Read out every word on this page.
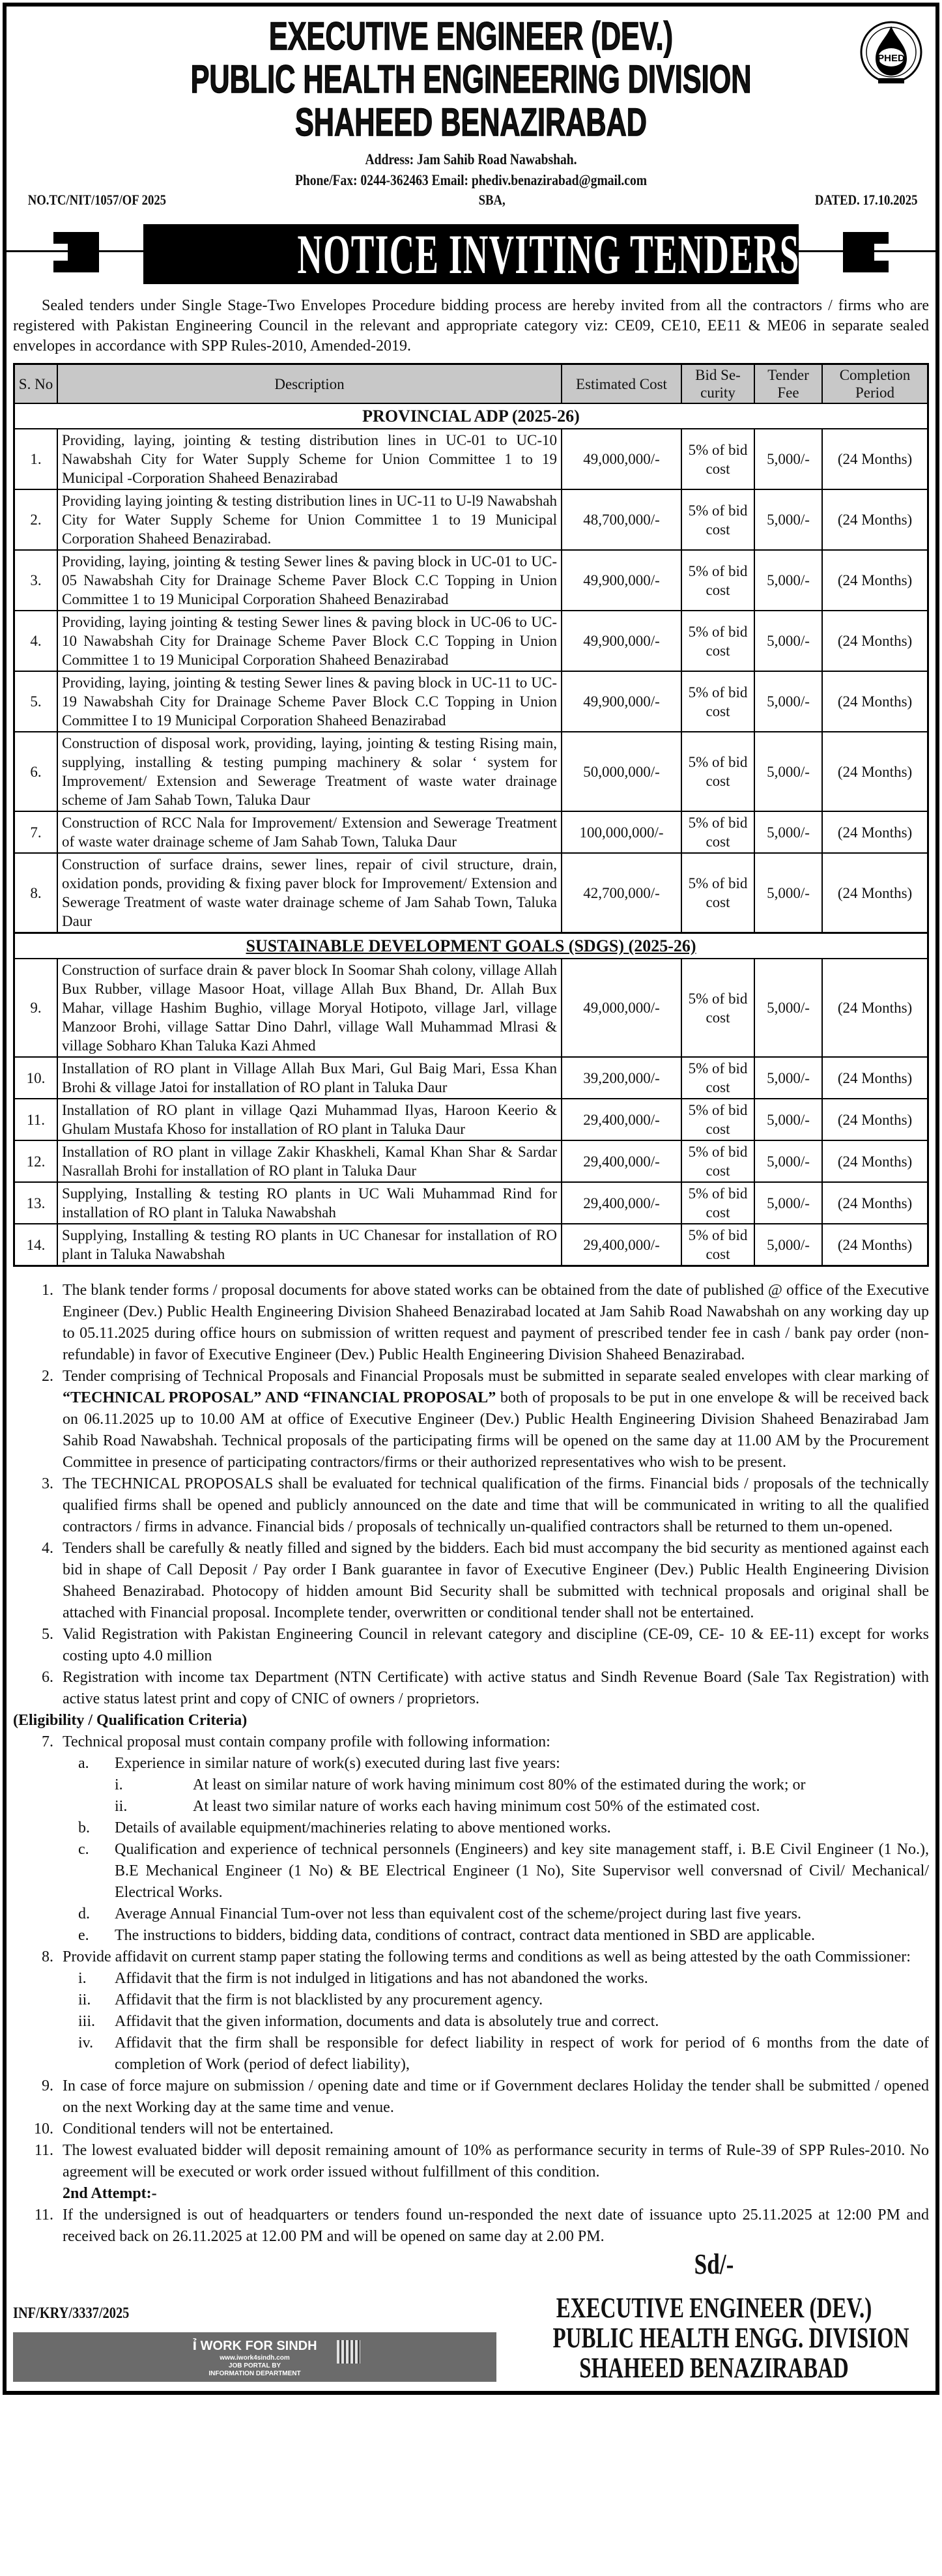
EXECUTIVE ENGINEER (DEV.)
PUBLIC HEALTH ENGINEERING DIVISION
SHAHEED BENAZIRABAD
PHED
Address: Jam Sahib Road Nawabshah.
Phone/Fax: 0244-362463 Email: phediv.benazirabad@gmail.com
NO.TC/NIT/1057/OF 2025	SBA,	DATED. 17.10.2025
NOTICE INVITING TENDERS

Sealed tenders under Single Stage-Two Envelopes Procedure bidding process are hereby invited from all the contractors / firms who are registered with Pakistan Engineering Council in the relevant and appropriate category viz: CE09, CE10, EE11 & ME06 in separate sealed envelopes in accordance with SPP Rules-2010, Amended-2019.

S. No	Description	Estimated Cost	Bid Se-curity	Tender Fee	Completion Period
PROVINCIAL ADP (2025-26)					
1.	Providing, laying, jointing & testing distribution lines in UC-01 to UC-10 Nawabshah City for Water Supply Scheme for Union Committee 1 to 19 Municipal -Corporation Shaheed Benazirabad	49,000,000/-	5% of bid cost	5,000/-	(24 Months)
2.	Providing laying jointing & testing distribution lines in UC-11 to U-l9 Nawabshah City for Water Supply Scheme for Union Committee 1 to 19 Municipal Corporation Shaheed Benazirabad.	48,700,000/-	5% of bid cost	5,000/-	(24 Months)
3.	Providing, laying, jointing & testing Sewer lines & paving block in UC-01 to UC-05 Nawabshah City for Drainage Scheme Paver Block C.C Topping in Union Committee 1 to 19 Municipal Corporation Shaheed Benazirabad	49,900,000/-	5% of bid cost	5,000/-	(24 Months)
4.	Providing, laying jointing & testing Sewer lines & paving block in UC-06 to UC-10 Nawabshah City for Drainage Scheme Paver Block C.C Topping in Union Committee 1 to 19 Municipal Corporation Shaheed Benazirabad	49,900,000/-	5% of bid cost	5,000/-	(24 Months)
5.	Providing, laying, jointing & testing Sewer lines & paving block in UC-11 to UC-19 Nawabshah City for Drainage Scheme Paver Block C.C Topping in Union Committee I to 19 Municipal Corporation Shaheed Benazirabad	49,900,000/-	5% of bid cost	5,000/-	(24 Months)
6.	Construction of disposal work, providing, laying, jointing & testing Rising main, supplying, installing & testing pumping machinery & solar ‘ system for Improvement/ Extension and Sewerage Treatment of waste water drainage scheme of Jam Sahab Town, Taluka Daur	50,000,000/-	5% of bid cost	5,000/-	(24 Months)
7.	Construction of RCC Nala for Improvement/ Extension and Sewerage Treatment of waste water drainage scheme of Jam Sahab Town, Taluka Daur	100,000,000/-	5% of bid cost	5,000/-	(24 Months)
8.	Construction of surface drains, sewer lines, repair of civil structure, drain, oxidation ponds, providing & fixing paver block for Improvement/ Extension and Sewerage Treatment of waste water drainage scheme of Jam Sahab Town, Taluka Daur	42,700,000/-	5% of bid cost	5,000/-	(24 Months)
SUSTAINABLE DEVELOPMENT GOALS (SDGS) (2025-26)					
9.	Construction of surface drain & paver block In Soomar Shah colony, village Allah Bux Rubber, village Masoor Hoat, village Allah Bux Bhand, Dr. Allah Bux Mahar, village Hashim Bughio, village Moryal Hotipoto, village Jarl, village Manzoor Brohi, village Sattar Dino Dahrl, village Wall Muhammad Mlrasi & village Sobharo Khan Taluka Kazi Ahmed	49,000,000/-	5% of bid cost	5,000/-	(24 Months)
10.	Installation of RO plant in Village Allah Bux Mari, Gul Baig Mari, Essa Khan Brohi & village Jatoi for installation of RO plant in Taluka Daur	39,200,000/-	5% of bid cost	5,000/-	(24 Months)
11.	Installation of RO plant in village Qazi Muhammad Ilyas, Haroon Keerio & Ghulam Mustafa Khoso for installation of RO plant in Taluka Daur	29,400,000/-	5% of bid cost	5,000/-	(24 Months)
12.	Installation of RO plant in village Zakir Khaskheli, Kamal Khan Shar & Sardar Nasrallah Brohi for installation of RO plant in Taluka Daur	29,400,000/-	5% of bid cost	5,000/-	(24 Months)
13.	Supplying, Installing & testing RO plants in UC Wali Muhammad Rind for installation of RO plant in Taluka Nawabshah	29,400,000/-	5% of bid cost	5,000/-	(24 Months)
14.	Supplying, Installing & testing RO plants in UC Chanesar for installation of RO plant in Taluka Nawabshah	29,400,000/-	5% of bid cost	5,000/-	(24 Months)
1. The blank tender forms / proposal documents for above stated works can be obtained from the date of published @ office of the Executive Engineer (Dev.) Public Health Engineering Division Shaheed Benazirabad located at Jam Sahib Road Nawabshah on any working day up to 05.11.2025 during office hours on submission of written request and payment of prescribed tender fee in cash / bank pay order (non-refundable) in favor of Executive Engineer (Dev.) Public Health Engineering Division Shaheed Benazirabad.
2. Tender comprising of Technical Proposals and Financial Proposals must be submitted in separate sealed envelopes with clear marking of “TECHNICAL PROPOSAL” AND “FINANCIAL PROPOSAL” both of proposals to be put in one envelope & will be received back on 06.11.2025 up to 10.00 AM at office of Executive Engineer (Dev.) Public Health Engineering Division Shaheed Benazirabad Jam Sahib Road Nawabshah. Technical proposals of the participating firms will be opened on the same day at 11.00 AM by the Procurement Committee in presence of participating contractors/firms or their authorized representatives who wish to be present.
3. The TECHNICAL PROPOSALS shall be evaluated for technical qualification of the firms. Financial bids / proposals of the technically qualified firms shall be opened and publicly announced on the date and time that will be communicated in writing to all the qualified contractors / firms in advance. Financial bids / proposals of technically un-qualified contractors shall be returned to them un-opened.
4. Tenders shall be carefully & neatly filled and signed by the bidders. Each bid must accompany the bid security as mentioned against each bid in shape of Call Deposit / Pay order I Bank guarantee in favor of Executive Engineer (Dev.) Public Health Engineering Division Shaheed Benazirabad. Photocopy of hidden amount Bid Security shall be submitted with technical proposals and original shall be attached with Financial proposal. Incomplete tender, overwritten or conditional tender shall not be entertained.
5. Valid Registration with Pakistan Engineering Council in relevant category and discipline (CE-09, CE- 10 & EE-11) except for works costing upto 4.0 million
6. Registration with income tax Department (NTN Certificate) with active status and Sindh Revenue Board (Sale Tax Registration) with active status latest print and copy of CNIC of owners / proprietors.
(Eligibility / Qualification Criteria)
7. Technical proposal must contain company profile with following information:
a.	Experience in similar nature of work(s) executed during last five years:
i.	At least on similar nature of work having minimum cost 80% of the estimated during the work; or
ii.	At least two similar nature of works each having minimum cost 50% of the estimated cost.
b.	Details of available equipment/machineries relating to above mentioned works.
c.	Qualification and experience of technical personnels (Engineers) and key site management staff, i. B.E Civil Engineer (1 No.), B.E Mechanical Engineer (1 No) & BE Electrical Engineer (1 No), Site Supervisor well conversnad of Civil/ Mechanical/ Electrical Works.
d.	Average Annual Financial Tum-over not less than equivalent cost of the scheme/project during last five years.
e.	The instructions to bidders, bidding data, conditions of contract, contract data mentioned in SBD are applicable.
8. Provide affidavit on current stamp paper stating the following terms and conditions as well as being attested by the oath Commissioner:
i.	Affidavit that the firm is not indulged in litigations and has not abandoned the works.
ii.	Affidavit that the firm is not blacklisted by any procurement agency.
iii.	Affidavit that the given information, documents and data is absolutely true and correct.
iv.	Affidavit that the firm shall be responsible for defect liability in respect of work for period of 6 months from the date of completion of Work (period of defect liability),
9. In case of force majure on submission / opening date and time or if Government declares Holiday the tender shall be submitted / opened on the next Working day at the same time and venue.
10. Conditional tenders will not be entertained.
11. The lowest evaluated bidder will deposit remaining amount of 10% as performance security in terms of Rule-39 of SPP Rules-2010. No agreement will be executed or work order issued without fulfillment of this condition.
2nd Attempt:-
11. If the undersigned is out of headquarters or tenders found un-responded the next date of issuance upto 25.11.2025 at 12:00 PM and received back on 26.11.2025 at 12.00 PM and will be opened on same day at 2.00 PM.
INF/KRY/3337/2025
ỉ WORK FOR SINDH
www.iwork4sindh.com
JOB PORTAL BY
INFORMATION DEPARTMENT
Sd/-
EXECUTIVE ENGINEER (DEV.)
PUBLIC HEALTH ENGG. DIVISION
SHAHEED BENAZIRABAD
